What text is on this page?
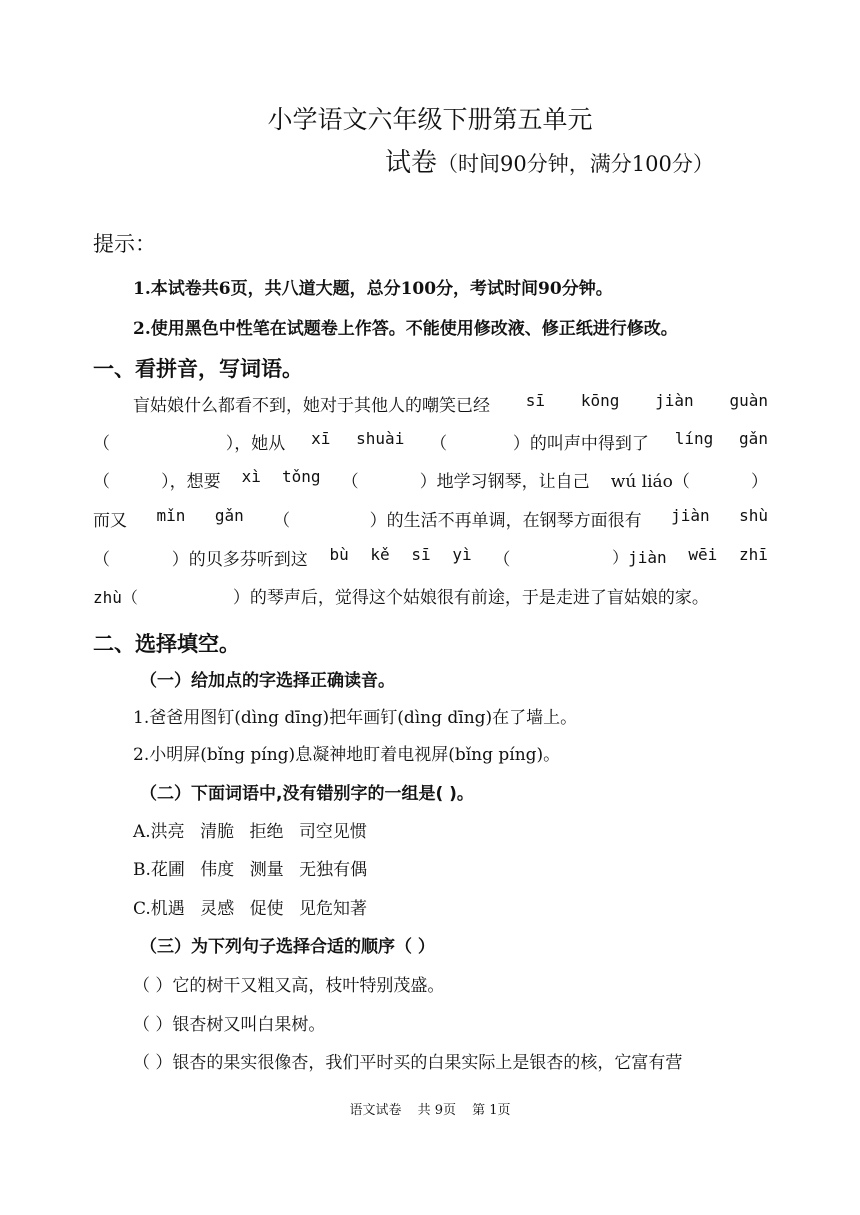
小学语文六年级下册第五单元
试卷（时间90分钟，满分100分）
提示：
1.本试卷共6页，共八道大题，总分100分，考试时间90分钟。
2.使用黑色中性笔在试题卷上作答。不能使用修改液、修正纸进行修改。
一、看拼音，写词语。
盲姑娘什么都看不到，她对于其他人的嘲笑已经 sī kōng jiàn guàn
（	），她从 xī shuài （	）的叫声中得到了 líng gǎn
（	），想要 xì tǒng （	）地学习钢琴，让自己 wú liáo（	）
而又 mǐn gǎn （	）的生活不再单调，在钢琴方面很有 jiàn shù
（	）的贝多芬听到这 bù kě sī yì （	）jiàn wēi zhī
zhù（	）的琴声后，觉得这个姑娘很有前途，于是走进了盲姑娘的家。
二、选择填空。
（一）给加点的字选择正确读音。
1.爸爸用图钉(dìng dīng)把年画钉(dìng dīng)在了墙上。
2.小明屏(bǐng píng)息凝神地盯着电视屏(bǐng píng)。
（二）下面词语中,没有错别字的一组是( )。
A.洪亮 清脆 拒绝 司空见惯
B.花圃 伟度 测量 无独有偶
C.机遇 灵感 促使 见危知著
（三）为下列句子选择合适的顺序（ ）
（ ）它的树干又粗又高，枝叶特别茂盛。
（ ）银杏树又叫白果树。
（ ）银杏的果实很像杏，我们平时买的白果实际上是银杏的核，它富有营
语文试卷 共 9页 第 1页
